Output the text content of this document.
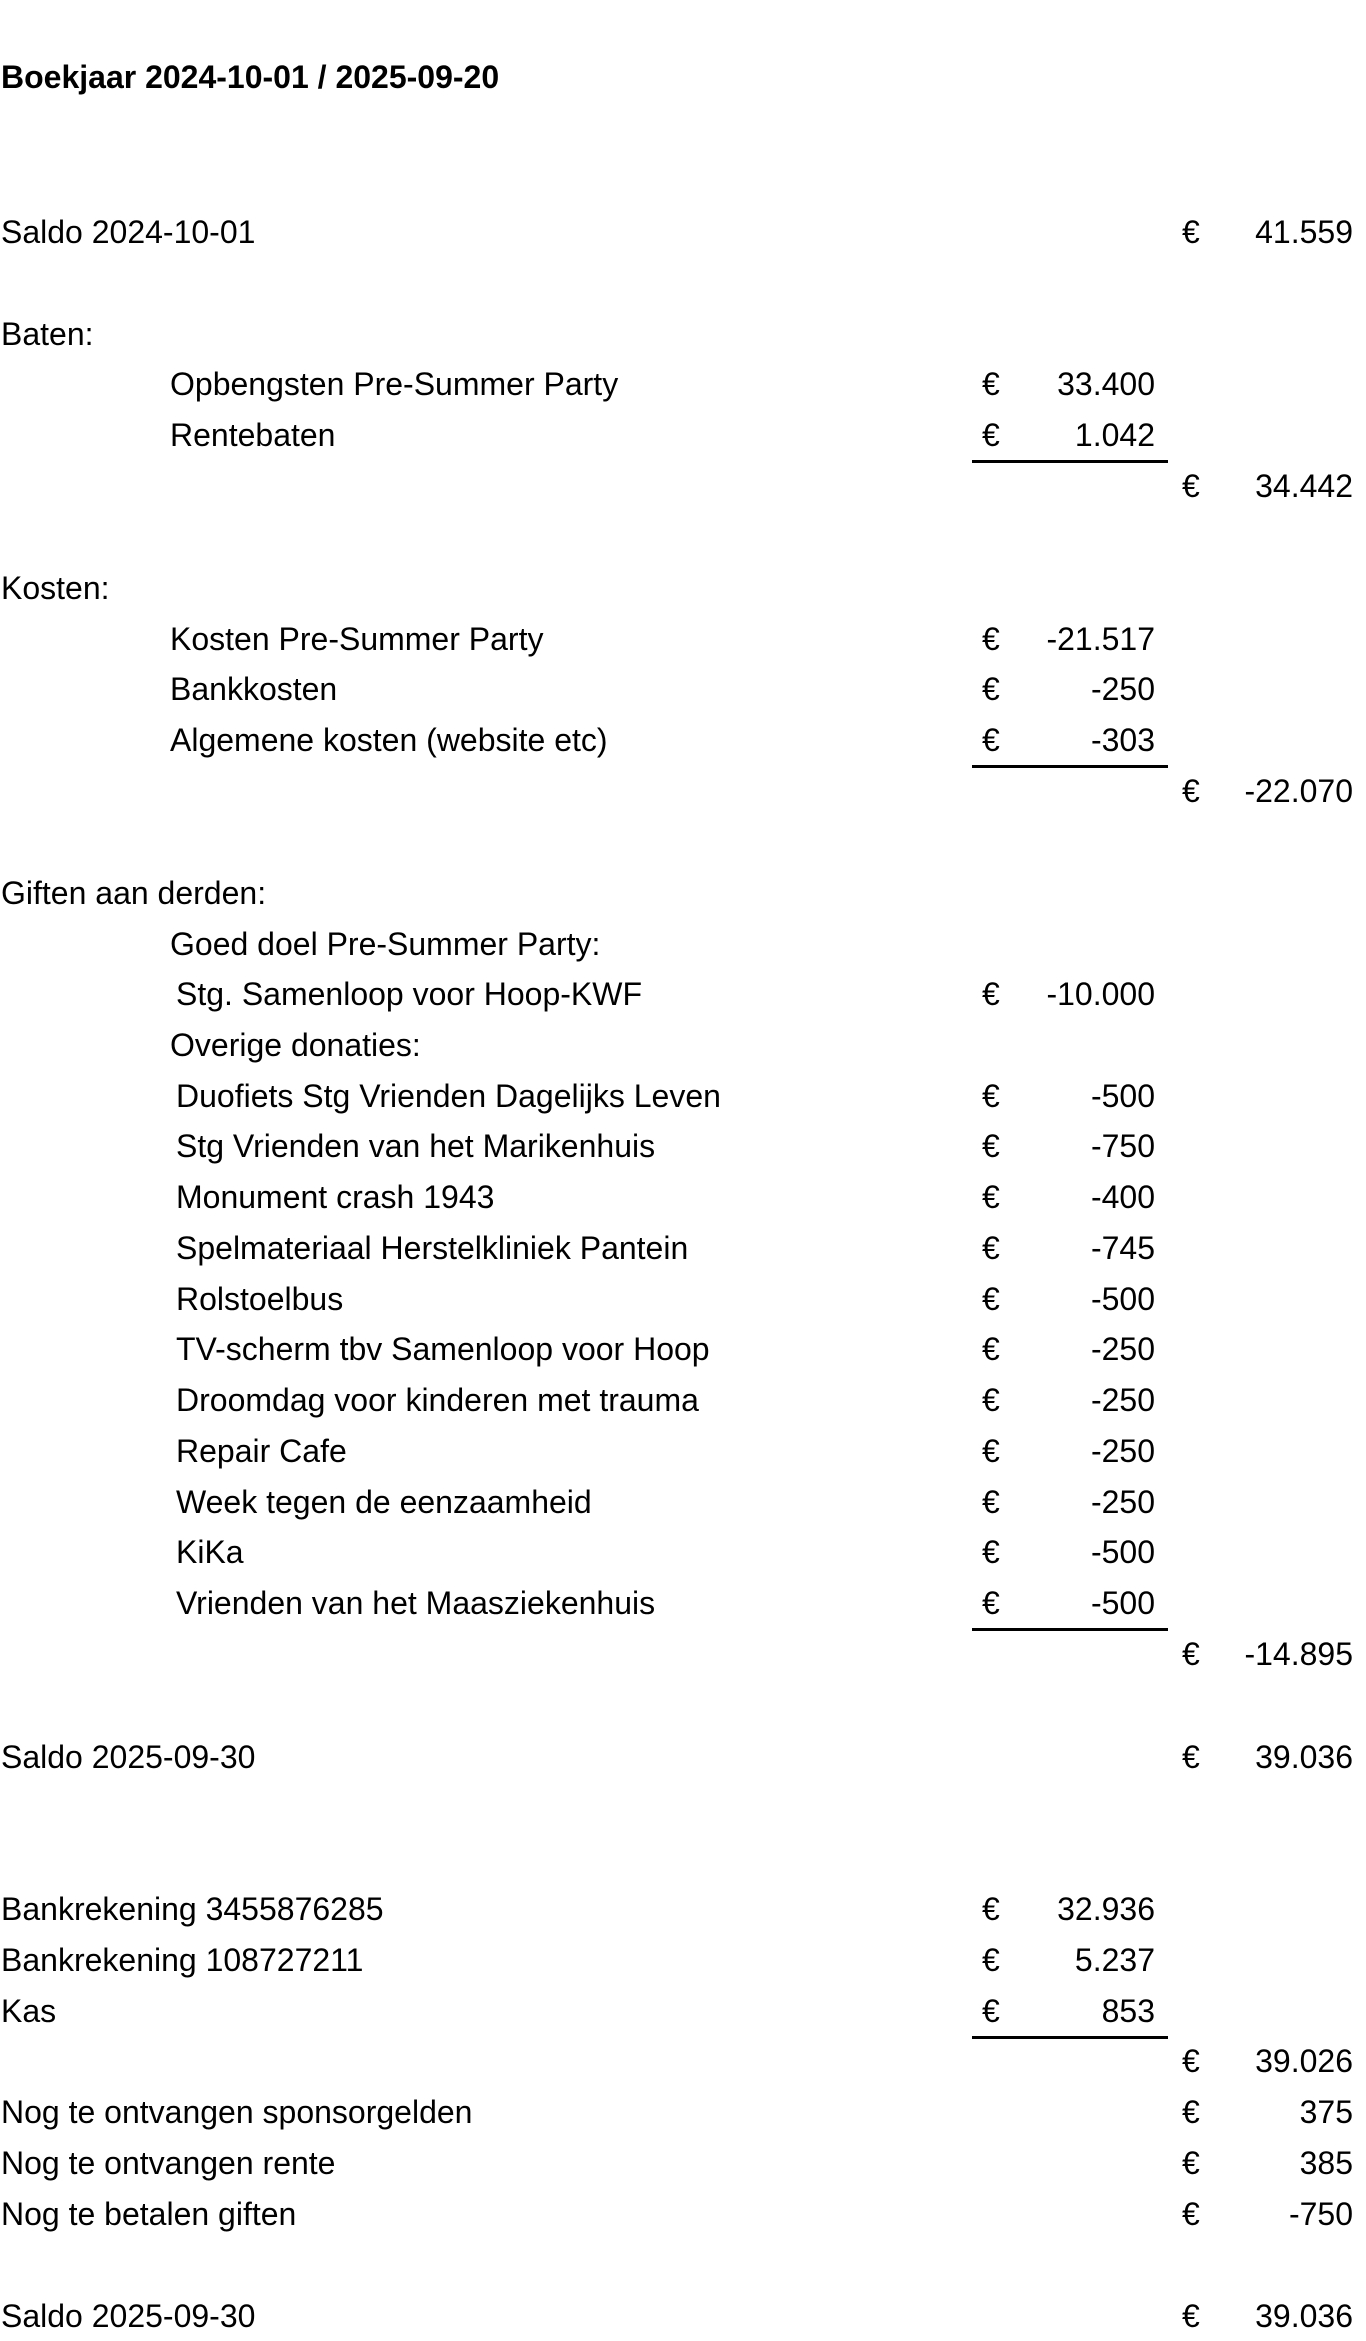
Boekjaar 2024-10-01 / 2025-09-20
Saldo 2024-10-01	€	41.559
Baten:
Opbengsten Pre-Summer Party	€	33.400
Rentebaten	€	1.042
€	34.442
Kosten:
Kosten Pre-Summer Party	€	-21.517
Bankkosten	€	-250
Algemene kosten (website etc)	€	-303
€	-22.070
Giften aan derden:
Goed doel Pre-Summer Party:
Stg. Samenloop voor Hoop-KWF	€	-10.000
Overige donaties:
Duofiets Stg Vrienden Dagelijks Leven	€	-500
Stg Vrienden van het Marikenhuis	€	-750
Monument crash 1943	€	-400
Spelmateriaal Herstelkliniek Pantein	€	-745
Rolstoelbus	€	-500
TV-scherm tbv Samenloop voor Hoop	€	-250
Droomdag voor kinderen met trauma	€	-250
Repair Cafe	€	-250
Week tegen de eenzaamheid	€	-250
KiKa	€	-500
Vrienden van het Maasziekenhuis	€	-500
€	-14.895
Saldo 2025-09-30	€	39.036
Bankrekening 3455876285	€	32.936
Bankrekening 108727211	€	5.237
Kas	€	853
€	39.026
Nog te ontvangen sponsorgelden	€	375
Nog te ontvangen rente	€	385
Nog te betalen giften	€	-750
Saldo 2025-09-30	€	39.036
